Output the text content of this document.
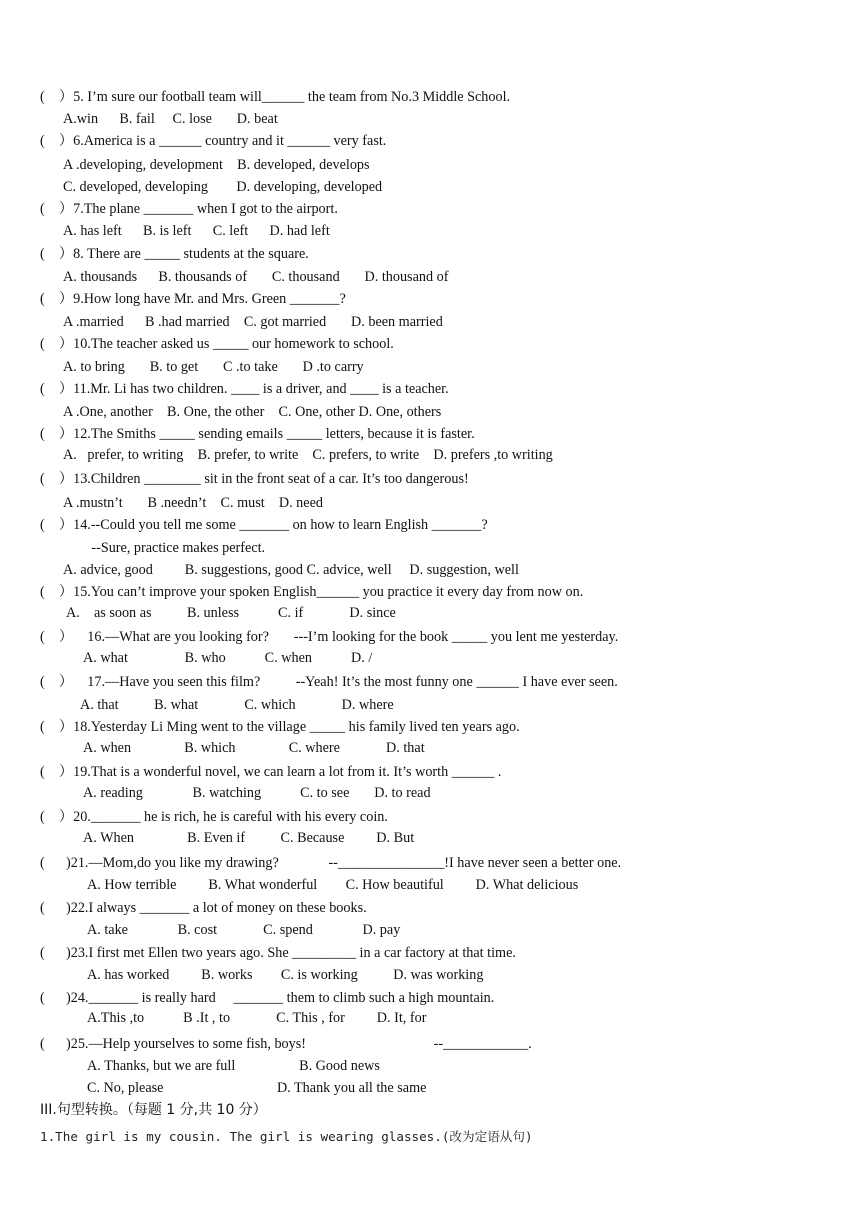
(    ）5. I’m sure our football team will______ the team from No.3 Middle School.
A.win      B. fail     C. lose       D. beat
(    ）6.America is a ______ country and it ______ very fast.
A .developing, development    B. developed, develops
C. developed, developing        D. developing, developed
(    ）7.The plane _______ when I got to the airport.
A. has left      B. is left      C. left      D. had left
(    ）8. There are _____ students at the square.
A. thousands      B. thousands of       C. thousand       D. thousand of
(    ）9.How long have Mr. and Mrs. Green _______?
A .married      B .had married    C. got married       D. been married
(    ）10.The teacher asked us _____ our homework to school.
A. to bring       B. to get       C .to take       D .to carry
(    ）11.Mr. Li has two children. ____ is a driver, and ____ is a teacher.
A .One, another    B. One, the other    C. One, other D. One, others
(    ）12.The Smiths _____ sending emails _____ letters, because it is faster.
A.   prefer, to writing    B. prefer, to write    C. prefers, to write    D. prefers ,to writing
(    ）13.Children ________ sit in the front seat of a car. It’s too dangerous!
A .mustn’t       B .needn’t    C. must    D. need
(    ）14.--Could you tell me some _______ on how to learn English _______?
--Sure, practice makes perfect.
A. advice, good         B. suggestions, good C. advice, well     D. suggestion, well
(    ）15.You can’t improve your spoken English______ you practice it every day from now on.
A.    as soon as          B. unless           C. if             D. since
(    ）    16.—What are you looking for?       ---I’m looking for the book _____ you lent me yesterday.
A. what                B. who           C. when           D. /
(    ）    17.—Have you seen this film?          --Yeah! It’s the most funny one ______ I have ever seen.
A. that          B. what             C. which             D. where
(    ）18.Yesterday Li Ming went to the village _____ his family lived ten years ago.
A. when               B. which               C. where             D. that
(    ）19.That is a wonderful novel, we can learn a lot from it. It’s worth ______ .
A. reading              B. watching           C. to see       D. to read
(    ）20._______ he is rich, he is careful with his every coin.
A. When               B. Even if          C. Because         D. But
(      )21.—Mom,do you like my drawing?              --_______________!I have never seen a better one.
A. How terrible         B. What wonderful        C. How beautiful         D. What delicious
(      )22.I always _______ a lot of money on these books.
A. take              B. cost             C. spend              D. pay
(      )23.I first met Ellen two years ago. She _________ in a car factory at that time.
A. has worked         B. works        C. is working          D. was working
(      )24._______ is really hard     _______ them to climb such a high mountain.
A.This ,to           B .It , to             C. This , for         D. It, for
(      )25.—Help yourselves to some fish, boys!                                    --____________.
A. Thanks, but we are full                  B. Good news
C. No, please                                D. Thank you all the same
III.句型转换。（每题 1 分,共 10 分）
1.The girl is my cousin. The girl is wearing glasses.(改为定语从句)
